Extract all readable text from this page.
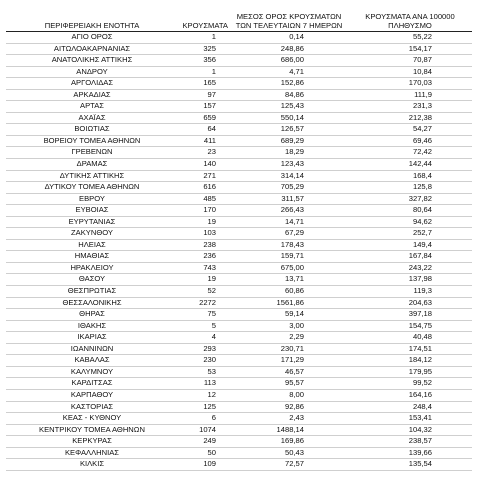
ΠΕΡΙΦΕΡΕΙΑΚΗ ΕΝΟΤΗΤΑ	ΚΡΟΥΣΜΑΤΑ	ΜΕΣΟΣ ΟΡΟΣ ΚΡΟΥΣΜΑΤΩΝ
ΤΩΝ ΤΕΛΕΥΤΑΙΩΝ 7 ΗΜΕΡΩΝ	ΚΡΟΥΣΜΑΤΑ ΑΝΑ 100000
ΠΛΗΘΥΣΜΟ
ΑΓΙΟ ΟΡΟΣ	1	0,14	55,22
ΑΙΤΩΛΟΑΚΑΡΝΑΝΙΑΣ	325	248,86	154,17
ΑΝΑΤΟΛΙΚΗΣ ΑΤΤΙΚΗΣ	356	686,00	70,87
ΑΝΔΡΟΥ	1	4,71	10,84
ΑΡΓΟΛΙΔΑΣ	165	152,86	170,03
ΑΡΚΑΔΙΑΣ	97	84,86	111,9
ΑΡΤΑΣ	157	125,43	231,3
ΑΧΑΪΑΣ	659	550,14	212,38
ΒΟΙΩΤΙΑΣ	64	126,57	54,27
ΒΟΡΕΙΟΥ ΤΟΜΕΑ ΑΘΗΝΩΝ	411	689,29	69,46
ΓΡΕΒΕΝΩΝ	23	18,29	72,42
ΔΡΑΜΑΣ	140	123,43	142,44
ΔΥΤΙΚΗΣ ΑΤΤΙΚΗΣ	271	314,14	168,4
ΔΥΤΙΚΟΥ ΤΟΜΕΑ ΑΘΗΝΩΝ	616	705,29	125,8
ΕΒΡΟΥ	485	311,57	327,82
ΕΥΒΟΙΑΣ	170	266,43	80,64
ΕΥΡΥΤΑΝΙΑΣ	19	14,71	94,62
ΖΑΚΥΝΘΟΥ	103	67,29	252,7
ΗΛΕΙΑΣ	238	178,43	149,4
ΗΜΑΘΙΑΣ	236	159,71	167,84
ΗΡΑΚΛΕΙΟΥ	743	675,00	243,22
ΘΑΣΟΥ	19	13,71	137,98
ΘΕΣΠΡΩΤΙΑΣ	52	60,86	119,3
ΘΕΣΣΑΛΟΝΙΚΗΣ	2272	1561,86	204,63
ΘΗΡΑΣ	75	59,14	397,18
ΙΘΑΚΗΣ	5	3,00	154,75
ΙΚΑΡΙΑΣ	4	2,29	40,48
ΙΩΑΝΝΙΝΩΝ	293	230,71	174,51
ΚΑΒΑΛΑΣ	230	171,29	184,12
ΚΑΛΥΜΝΟΥ	53	46,57	179,95
ΚΑΡΔΙΤΣΑΣ	113	95,57	99,52
ΚΑΡΠΑΘΟΥ	12	8,00	164,16
ΚΑΣΤΟΡΙΑΣ	125	92,86	248,4
ΚΕΑΣ - ΚΥΘΝΟΥ	6	2,43	153,41
ΚΕΝΤΡΙΚΟΥ ΤΟΜΕΑ ΑΘΗΝΩΝ	1074	1488,14	104,32
ΚΕΡΚΥΡΑΣ	249	169,86	238,57
ΚΕΦΑΛΛΗΝΙΑΣ	50	50,43	139,66
ΚΙΛΚΙΣ	109	72,57	135,54
